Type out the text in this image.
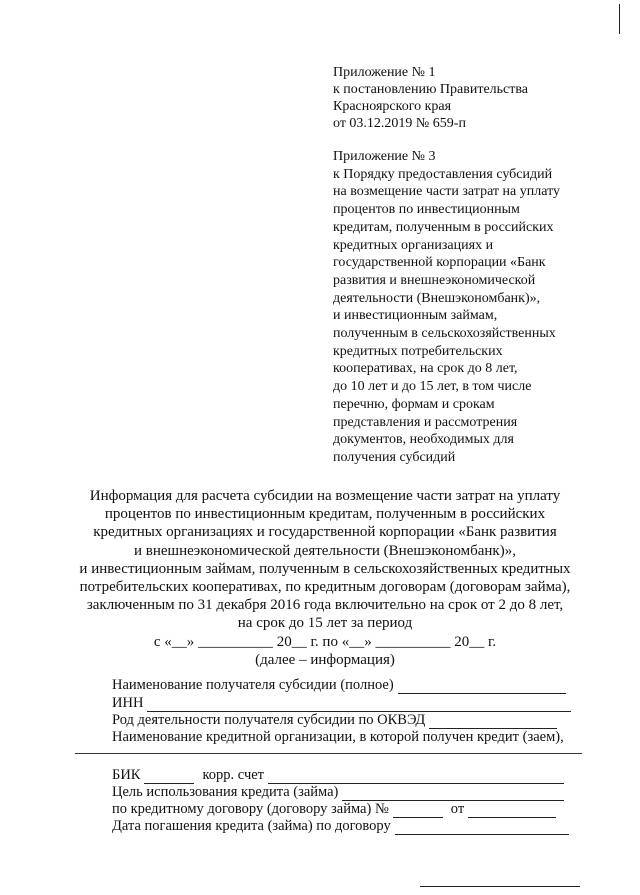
Приложение № 1
к постановлению Правительства
Красноярского края
от 03.12.2019 № 659-п
Приложение № 3
к Порядку предоставления субсидий
на возмещение части затрат на уплату
процентов по инвестиционным
кредитам, полученным в российских
кредитных организациях и
государственной корпорации «Банк
развития и внешнеэкономической
деятельности (Внешэкономбанк)»,
и инвестиционным займам,
полученным в сельскохозяйственных
кредитных потребительских
кооперативах, на срок до 8 лет,
до 10 лет и до 15 лет, в том числе
перечню, формам и срокам
представления и рассмотрения
документов, необходимых для
получения субсидий
Информация для расчета субсидии на возмещение части затрат на уплату
процентов по инвестиционным кредитам, полученным в российских
кредитных организациях и государственной корпорации «Банк развития
и внешнеэкономической деятельности (Внешэкономбанк)»,
и инвестиционным займам, полученным в сельскохозяйственных кредитных
потребительских кооперативах, по кредитным договорам (договорам займа),
заключенным по 31 декабря 2016 года включительно на срок от 2 до 8 лет,
на срок до 15 лет за период
с «__» __________ 20__ г. по «__» __________ 20__ г.
(далее – информация)
Наименование получателя субсидии (полное)
ИНН
Род деятельности получателя субсидии по ОКВЭД
Наименование кредитной организации, в которой получен кредит (заем),
БИК	корр. счет
Цель использования кредита (займа)
по кредитному договору (договору займа) №	от
Дата погашения кредита (займа) по договору
